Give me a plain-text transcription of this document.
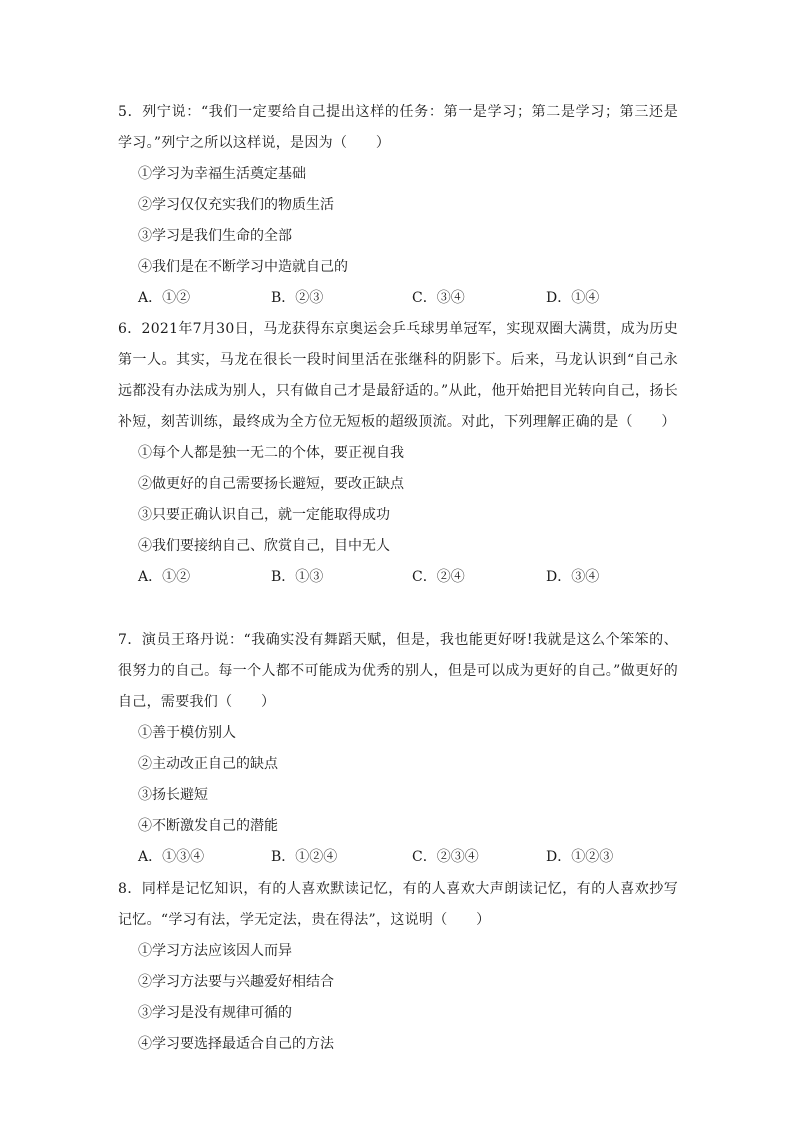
5．列宁说：“我们一定要给自己提出这样的任务：第一是学习；第二是学习；第三还是学习。”列宁之所以这样说，是因为（　　）

①学习为幸福生活奠定基础

②学习仅仅充实我们的物质生活

③学习是我们生命的全部

④我们是在不断学习中造就自己的

A．①②	B．②③	C．③④	D．①④

6．2021年7月30日，马龙获得东京奥运会乒乓球男单冠军，实现双圈大满贯，成为历史第一人。其实，马龙在很长一段时间里活在张继科的阴影下。后来，马龙认识到“自己永远都没有办法成为别人，只有做自己才是最舒适的。”从此，他开始把目光转向自己，扬长补短，刻苦训练，最终成为全方位无短板的超级顶流。对此，下列理解正确的是（　　）

①每个人都是独一无二的个体，要正视自我

②做更好的自己需要扬长避短，要改正缺点

③只要正确认识自己，就一定能取得成功

④我们要接纳自己、欣赏自己，目中无人

A．①②	B．①③	C．②④	D．③④

7．演员王珞丹说：“我确实没有舞蹈天赋，但是，我也能更好呀!我就是这么个笨笨的、很努力的自己。每一个人都不可能成为优秀的别人，但是可以成为更好的自己。”做更好的自己，需要我们（　　）

①善于模仿别人

②主动改正自己的缺点

③扬长避短

④不断激发自己的潜能

A．①③④	B．①②④	C．②③④	D．①②③

8．同样是记忆知识，有的人喜欢默读记忆，有的人喜欢大声朗读记忆，有的人喜欢抄写记忆。“学习有法，学无定法，贵在得法”，这说明（　　）

①学习方法应该因人而异

②学习方法要与兴趣爱好相结合

③学习是没有规律可循的

④学习要选择最适合自己的方法
